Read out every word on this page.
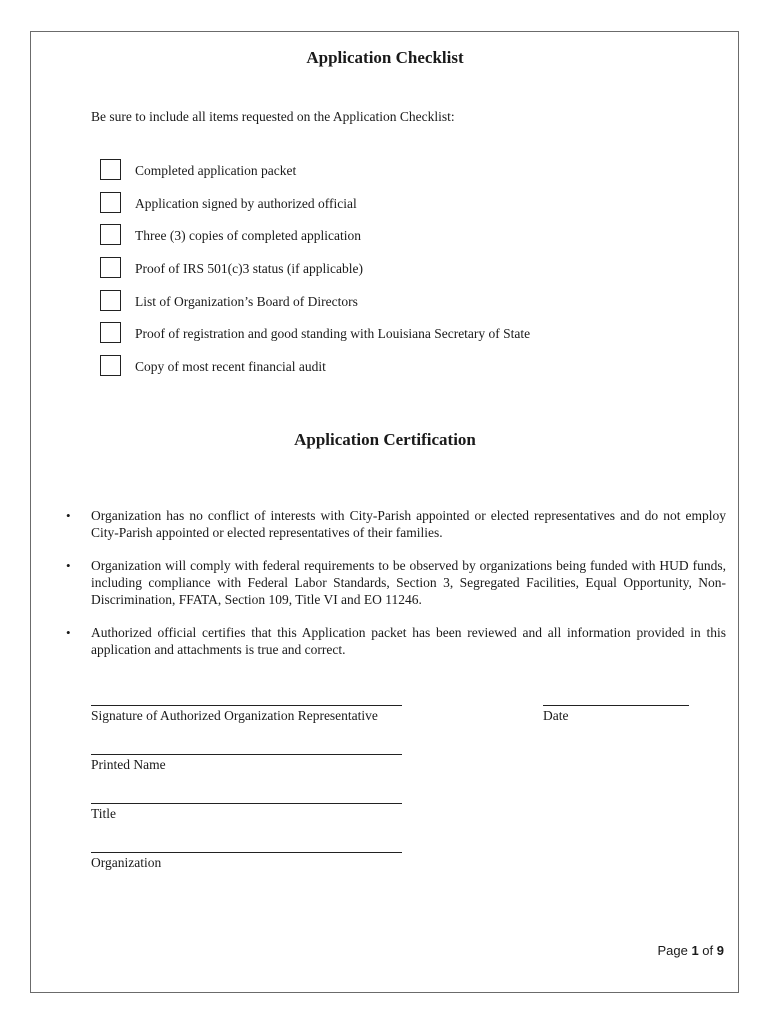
Application Checklist
Be sure to include all items requested on the Application Checklist:
Completed application packet
Application signed by authorized official
Three (3) copies of completed application
Proof of IRS 501(c)3 status (if applicable)
List of Organization’s Board of Directors
Proof of registration and good standing with Louisiana Secretary of State
Copy of most recent financial audit
Application Certification
• Organization has no conflict of interests with City-Parish appointed or elected representatives and do not employ City-Parish appointed or elected representatives of their families.
• Organization will comply with federal requirements to be observed by organizations being funded with HUD funds, including compliance with Federal Labor Standards, Section 3, Segregated Facilities, Equal Opportunity, Non-Discrimination, FFATA, Section 109, Title VI and EO 11246.
• Authorized official certifies that this Application packet has been reviewed and all information provided in this application and attachments is true and correct.
Signature of Authorized Organization Representative	Date
Printed Name
Title
Organization
Page 1 of 9
